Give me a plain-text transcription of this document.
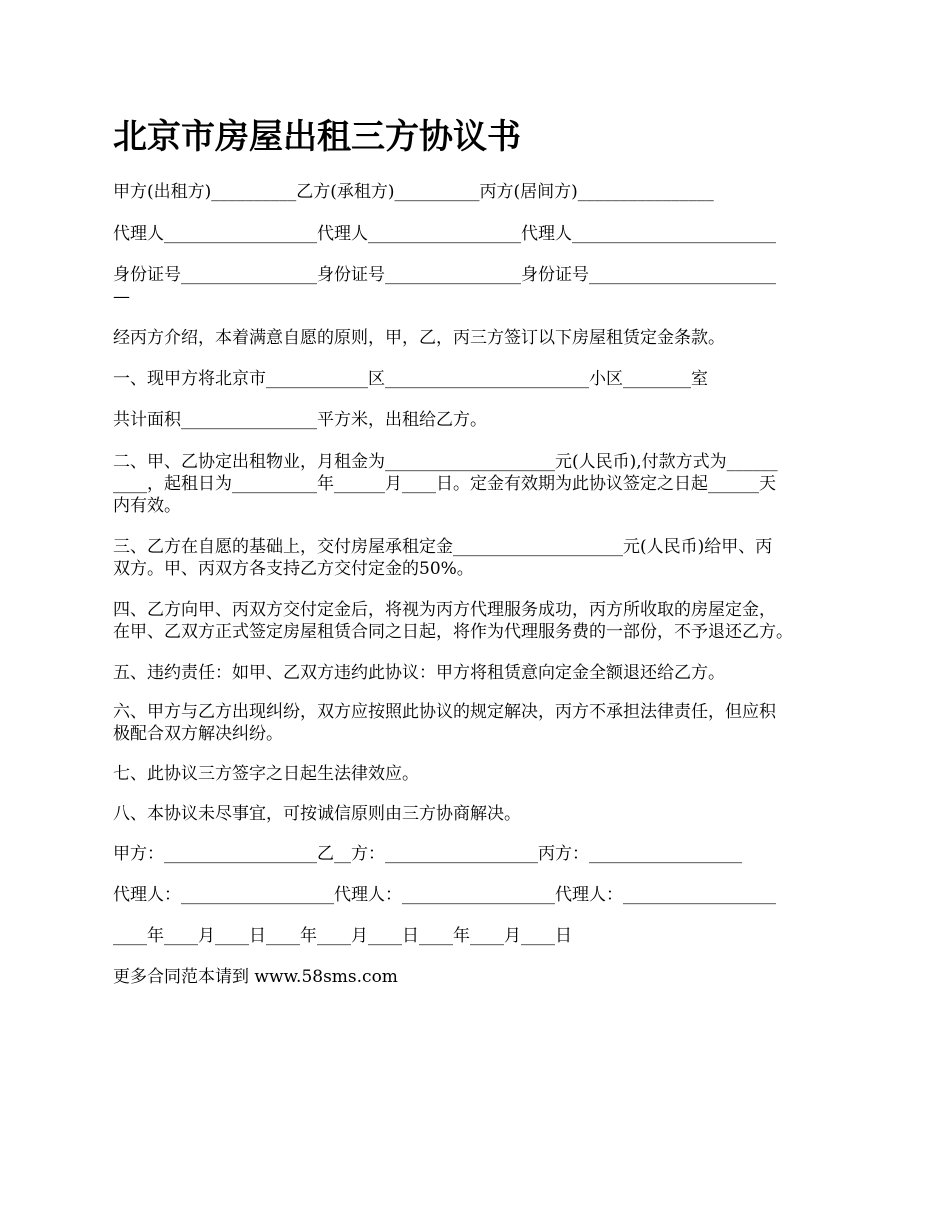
北京市房屋出租三方协议书

甲方(出租方)__________乙方(承租方)__________丙方(居间方)________________

代理人__________________代理人__________________代理人________________________

身份证号________________身份证号________________身份证号______________________

—

经丙方介绍，本着满意自愿的原则，甲，乙，丙三方签订以下房屋租赁定金条款。

一、现甲方将北京市____________区________________________小区________室

共计面积________________平方米，出租给乙方。

二、甲、乙协定出租物业，月租金为____________________元(人民币),付款方式为______

____，起租日为__________年______月____日。定金有效期为此协议签定之日起______天

内有效。

三、乙方在自愿的基础上，交付房屋承租定金____________________元(人民币)给甲、丙

双方。甲、丙双方各支持乙方交付定金的50%。

四、乙方向甲、丙双方交付定金后，将视为丙方代理服务成功，丙方所收取的房屋定金，

在甲、乙双方正式签定房屋租赁合同之日起，将作为代理服务费的一部份，不予退还乙方。

五、违约责任：如甲、乙双方违约此协议：甲方将租赁意向定金全额退还给乙方。

六、甲方与乙方出现纠纷，双方应按照此协议的规定解决，丙方不承担法律责任，但应积

极配合双方解决纠纷。

七、此协议三方签字之日起生法律效应。

八、本协议未尽事宜，可按诚信原则由三方协商解决。

甲方：__________________乙__方：__________________丙方：__________________

代理人：__________________代理人：__________________代理人：__________________

____年____月____日____年____月____日____年____月____日

更多合同范本请到 www.58sms.com
